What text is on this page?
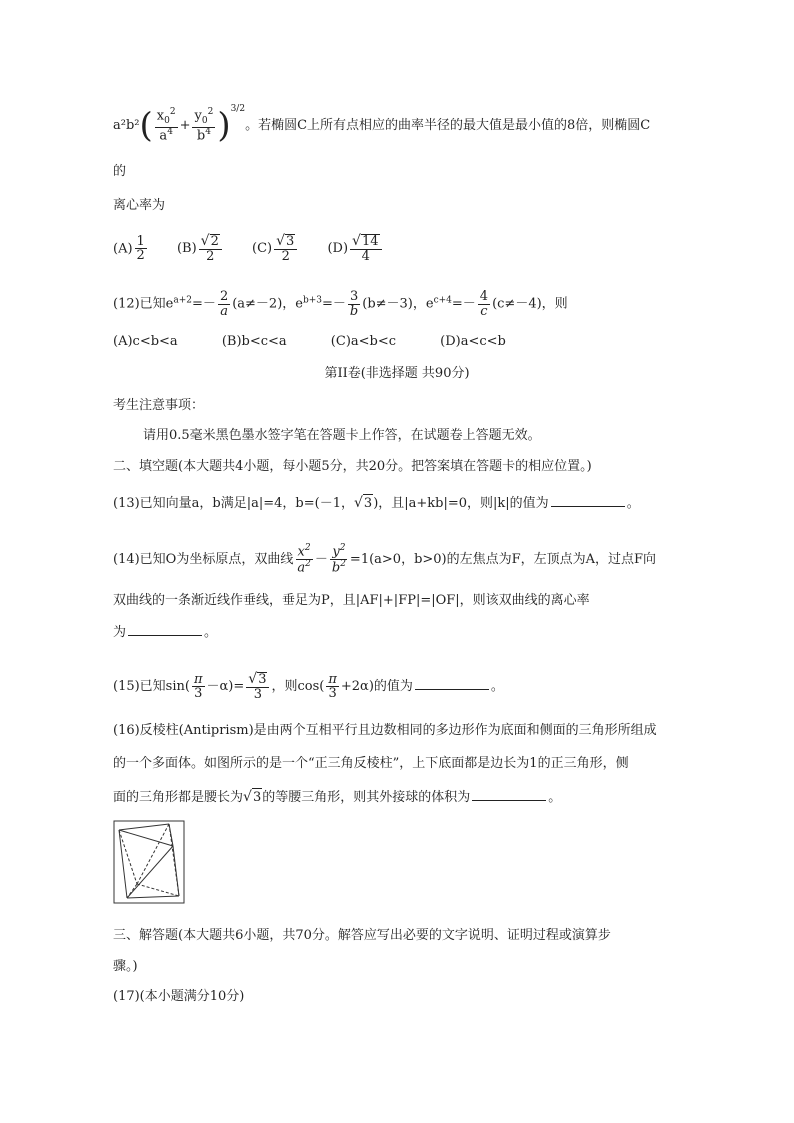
$a^2b^2( \frac{x_0^2}{a^4} + \frac{y_0^2}{b^4} )^{3/2}$。若椭圆C上所有点相应的曲率半径的最大值是最小值的8倍，则椭圆C
的
离心率为
$(A) \frac{1}{2} (B) \frac{√ 2}{2} (C) \frac{√ 3}{2} (D) \frac{√ 14}{4}$
(12)已知$e^{a+2}=- \frac{2}{a} (a\ne-2)$，$e^{b+3}=- \frac{3}{b} (b\ne-3)$，$e^{c+4}=- \frac{4}{c} (c\ne-4)$，则
(A)c<b<a	(B)b<c<a	(C)a<b<c	(D)a<c<b
第II卷(非选择题 共90分)
考生注意事项：
请用0.5毫米黑色墨水签字笔在答题卡上作答，在试题卷上答题无效。
二、填空题(本大题共4小题，每小题5分，共20分。把答案填在答题卡的相应位置。)
(13)已知向量a，b满足|a|=4，b=(－1， √ 3 )，且|a+kb|=0，则|k|的值为	。
(14)已知O为坐标原点，双曲线 $\frac{x^2}{a^2} - \frac{y^2}{b^2} =1(a>0$，b>0)的左焦点为F，左顶点为A，过点F向
双曲线的一条渐近线作垂线，垂足为P，且|AF|+|FP|=|OF|，则该双曲线的离心率
为	。
(15)已知$\sin( \frac{\pi}{3} -\alpha)= \frac{√ 3}{3}$ ，则$\cos( \frac{\pi}{3} +2\alpha)$的值为	。
(16)反棱柱(Antiprism)是由两个互相平行且边数相同的多边形作为底面和侧面的三角形所组成
的一个多面体。如图所示的是一个“正三角反棱柱”，上下底面都是边长为1的正三角形，侧
面的三角形都是腰长为 √ 3 的等腰三角形，则其外接球的体积为	。
三、解答题(本大题共6小题，共70分。解答应写出必要的文字说明、证明过程或演算步
骤。)
(17)(本小题满分10分)
